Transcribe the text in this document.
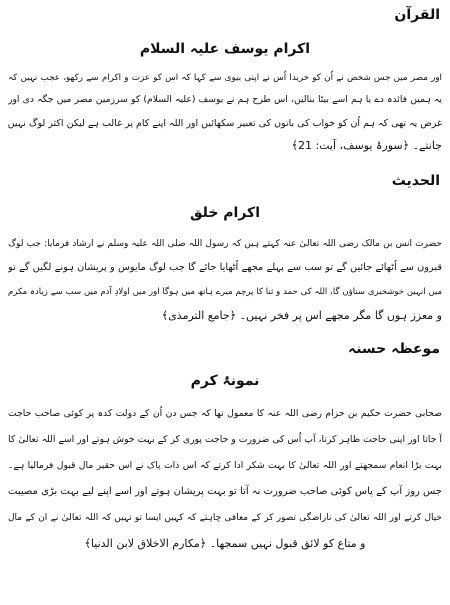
القرآن
اکرام یوسف علیہ السلام
اور مصر میں جس شخص نے اُن کو خریدا اُس نے اپنی بیوی سے کہا کہ اس کو عزت و اکرام سے رکھو، عجب نہیں کہ
یہ ہمیں فائدہ دے یا ہم اسے بیٹا بنالیں، اس طرح ہم نے یوسف (علیہ السلام) کو سرزمین مصر میں جگہ دی اور
غرض یہ تھی کہ ہم اُن کو خواب کی باتوں کی تعبیر سکھائیں اور اللہ اپنے کام پر غالب ہے لیکن اکثر لوگ نہیں
جانتے۔ ﴿سورۂ یوسف، آیت: 21﴾
الحدیث
اکرام خلق
حضرت انس بن مالک رضی اللہ تعالیٰ عنہ کہتے ہیں کہ رسول اللہ صلی اللہ علیہ وسلم نے ارشاد فرمایا: جب لوگ
قبروں سے اُٹھائے جائیں گے تو سب سے پہلے مجھے اُٹھایا جائے گا جب لوگ مایوس و پریشان ہونے لگیں گے تو
میں انہیں خوشخبری سناؤں گا، اللہ کی حمد و ثنا کا پرچم میرے ہاتھ میں ہوگا اور میں اولادِ آدم میں سب سے زیادہ مکرم
و معزز ہوں گا مگر مجھے اس پر فخر نہیں۔ ﴿جامع الترمذی﴾
موعظہ حسنہ
نمونۂ کرم
صحابی حضرت حکیم بن حزام رضی اللہ عنہ کا معمول تھا کہ جس دن اُن کے دولت کدہ پر کوئی صاحب حاجت
آ جاتا اور اپنی حاجت ظاہر کرتا، آپ اُس کی ضرورت و حاجت پوری کر کے بہت خوش ہوتے اور اسے اللہ تعالیٰ کا
بہت بڑا انعام سمجھتے اور اللہ تعالیٰ کا بہت شکر ادا کرتے کہ اس ذات پاک نے اس حقیر مال قبول فرمالیا ہے۔
جس روز آپ کے پاس کوئی صاحب ضرورت نہ آتا تو بہت پریشان ہوتے اور اسے اپنے لیے بہت بڑی مصیبت
خیال کرتے اور اللہ تعالیٰ کی ناراضگی تصور کر کے معافی چاہتے کہ کہیں ایسا تو نہیں کہ اللہ تعالیٰ نے ان کے مال
و متاع کو لائق قبول نہیں سمجھا۔ ﴿مکارم الاخلاق لابن الدنیا﴾
